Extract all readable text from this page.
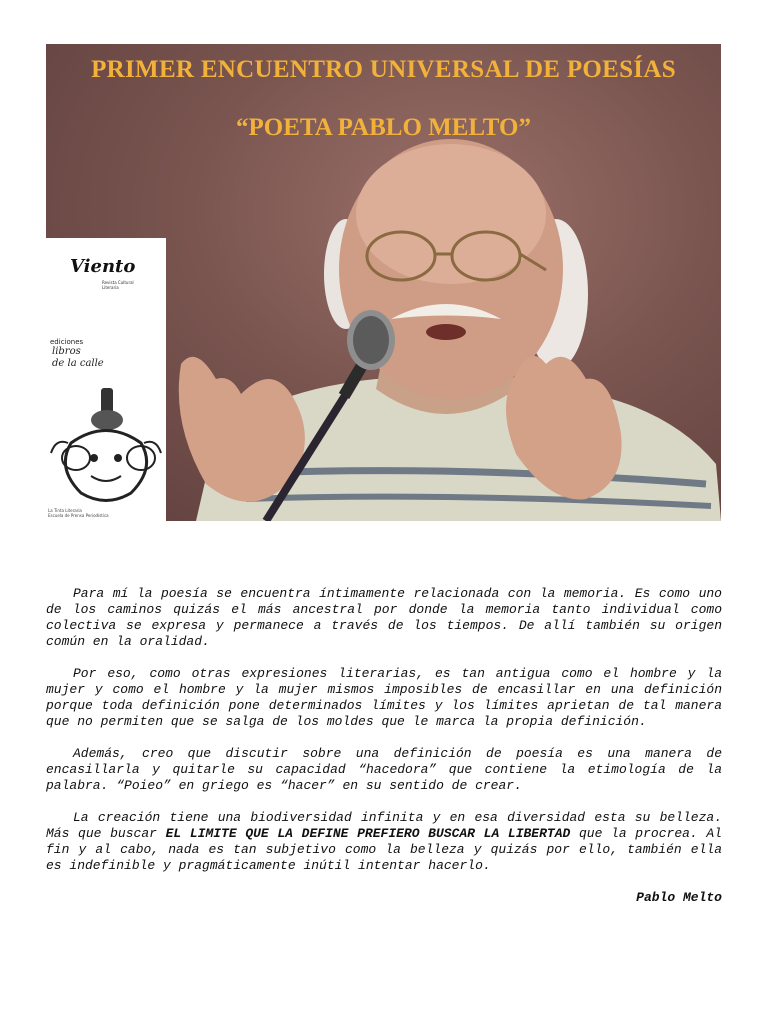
PRIMER ENCUENTRO UNIVERSAL DE POESÍAS
“POETA PABLO MELTO”
Viento
Revista Cultural
Literaria
ediciones
libros
de la calle
La Tinta Literaria
Escuela de Prensa Periodística

Para mí la poesía se encuentra íntimamente relacionada con la memoria. Es como uno de los caminos quizás el más ancestral por donde la memoria tanto individual como colectiva se expresa y permanece a través de los tiempos. De allí también su origen común en la oralidad.

Por eso, como otras expresiones literarias, es tan antigua como el hombre y la mujer y como el hombre y la mujer mismos imposibles de encasillar en una definición porque toda definición pone determinados límites y los límites aprietan de tal manera que no permiten que se salga de los moldes que le marca la propia definición.

Además, creo que discutir sobre una definición de poesía es una manera de encasillarla y quitarle su capacidad “hacedora” que contiene la etimología de la palabra. “Poieo” en griego es “hacer” en su sentido de crear.

La creación tiene una biodiversidad infinita y en esa diversidad esta su belleza. Más que buscar EL LIMITE QUE LA DEFINE PREFIERO BUSCAR LA LIBERTAD que la procrea. Al fin y al cabo, nada es tan subjetivo como la belleza y quizás por ello, también ella es indefinible y pragmáticamente inútil intentar hacerlo.

Pablo Melto
